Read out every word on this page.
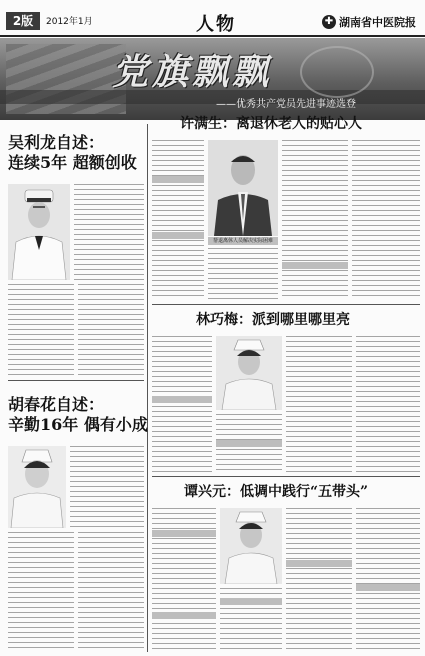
2版	2012年1月	人物	✚ 湖南省中医院报
党旗飘飘
——优秀共产党员先进事迹选登
吴利龙自述：
连续5年 超额创收
胡春花自述：
辛勤16年 偶有小成
许满生：离退休老人的贴心人
帮退离休人员解决实际困难
林巧梅：派到哪里哪里亮
谭兴元：低调中践行“五带头”
